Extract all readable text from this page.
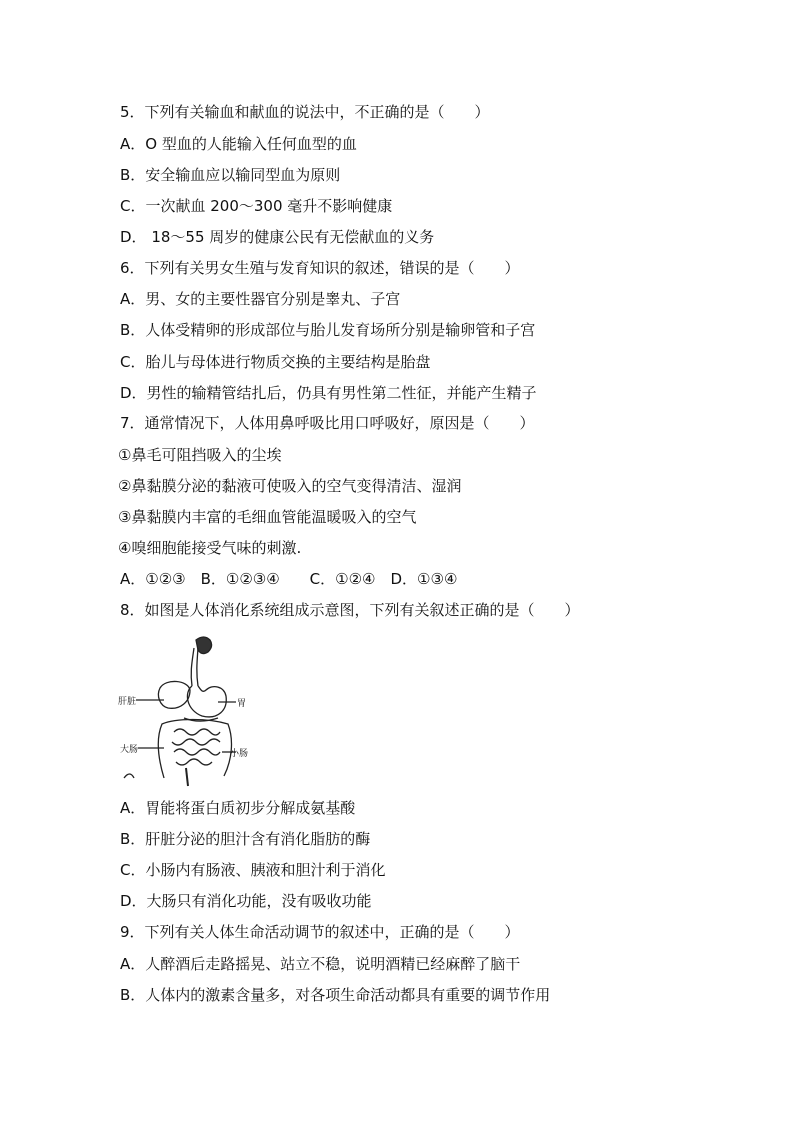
5．下列有关输血和献血的说法中，不正确的是（　　）
A．O 型血的人能输入任何血型的血
B．安全输血应以输同型血为原则
C．一次献血 200～300 毫升不影响健康
D． 18～55 周岁的健康公民有无偿献血的义务
6．下列有关男女生殖与发育知识的叙述，错误的是（　　）
A．男、女的主要性器官分别是睾丸、子宫
B．人体受精卵的形成部位与胎儿发育场所分别是输卵管和子宫
C．胎儿与母体进行物质交换的主要结构是胎盘
D．男性的输精管结扎后，仍具有男性第二性征，并能产生精子
7．通常情况下，人体用鼻呼吸比用口呼吸好，原因是（　　）
①鼻毛可阻挡吸入的尘埃
②鼻黏膜分泌的黏液可使吸入的空气变得清洁、湿润
③鼻黏膜内丰富的毛细血管能温暖吸入的空气
④嗅细胞能接受气味的刺激.
A．①②③　B．①②③④　　C．①②④　D．①③④
8．如图是人体消化系统组成示意图，下列有关叙述正确的是（　　）
肝脏	胃
大肠	小肠
A．胃能将蛋白质初步分解成氨基酸
B．肝脏分泌的胆汁含有消化脂肪的酶
C．小肠内有肠液、胰液和胆汁利于消化
D．大肠只有消化功能，没有吸收功能
9．下列有关人体生命活动调节的叙述中，正确的是（　　）
A．人醉酒后走路摇晃、站立不稳，说明酒精已经麻醉了脑干
B．人体内的激素含量多，对各项生命活动都具有重要的调节作用
